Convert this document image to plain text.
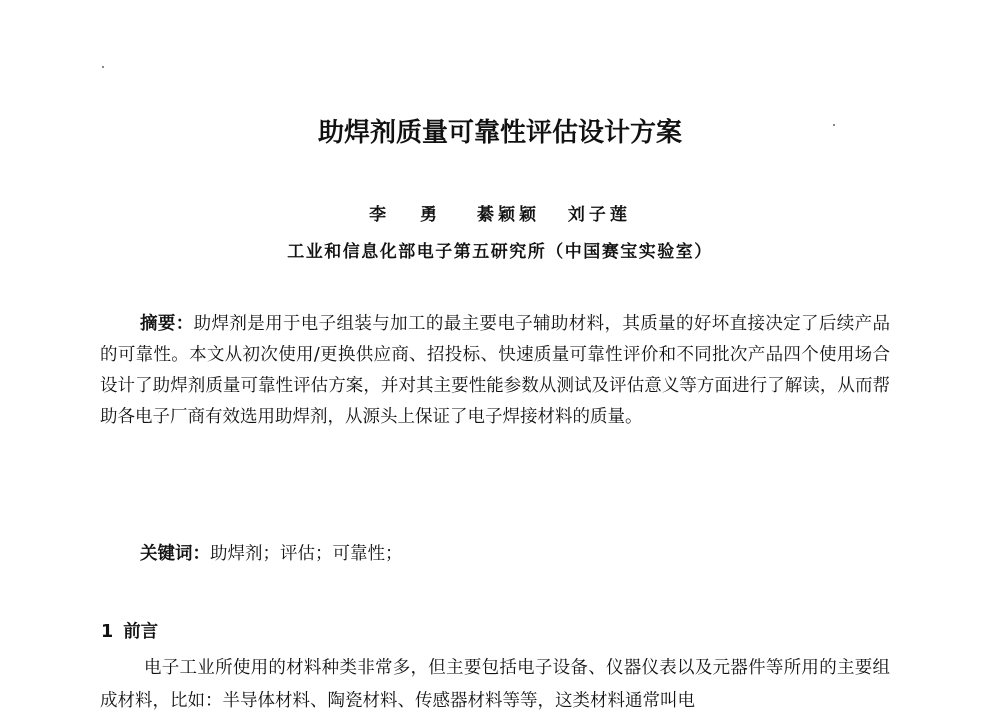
助焊剂质量可靠性评估设计方案
李 勇 綦颖颖 刘子莲
工业和信息化部电子第五研究所（中国赛宝实验室）
摘要：助焊剂是用于电子组装与加工的最主要电子辅助材料，其质量的好坏直接决定了后续产品的可靠性。本文从初次使用/更换供应商、招投标、快速质量可靠性评价和不同批次产品四个使用场合设计了助焊剂质量可靠性评估方案，并对其主要性能参数从测试及评估意义等方面进行了解读，从而帮助各电子厂商有效选用助焊剂，从源头上保证了电子焊接材料的质量。
关键词：助焊剂；评估；可靠性；
1 前言
电子工业所使用的材料种类非常多，但主要包括电子设备、仪器仪表以及元器件等所用的主要组成材料，比如：半导体材料、陶瓷材料、传感器材料等等，这类材料通常叫电
